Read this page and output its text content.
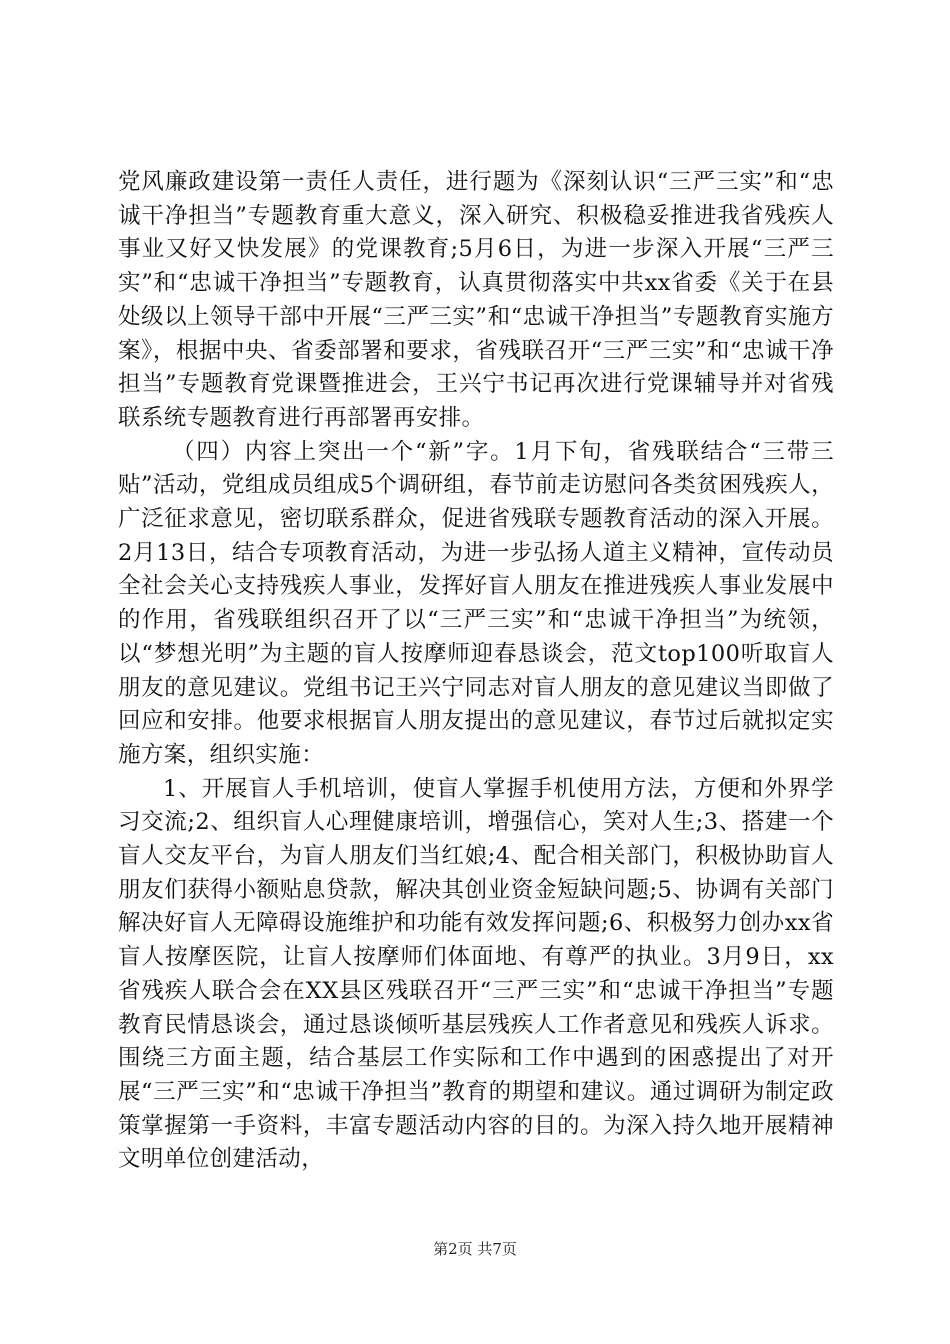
党风廉政建设第一责任人责任，进行题为《深刻认识“三严三实”和“忠诚干净担当”专题教育重大意义，深入研究、积极稳妥推进我省残疾人事业又好又快发展》的党课教育;5月6日，为进一步深入开展“三严三实”和“忠诚干净担当”专题教育，认真贯彻落实中共xx省委《关于在县处级以上领导干部中开展“三严三实”和“忠诚干净担当”专题教育实施方案》，根据中央、省委部署和要求，省残联召开“三严三实”和“忠诚干净担当”专题教育党课暨推进会，王兴宁书记再次进行党课辅导并对省残联系统专题教育进行再部署再安排。

（四）内容上突出一个“新”字。1月下旬，省残联结合“三带三贴”活动，党组成员组成5个调研组，春节前走访慰问各类贫困残疾人，广泛征求意见，密切联系群众，促进省残联专题教育活动的深入开展。2月13日，结合专项教育活动，为进一步弘扬人道主义精神，宣传动员全社会关心支持残疾人事业，发挥好盲人朋友在推进残疾人事业发展中的作用，省残联组织召开了以“三严三实”和“忠诚干净担当”为统领，以“梦想光明”为主题的盲人按摩师迎春恳谈会，范文top100听取盲人朋友的意见建议。党组书记王兴宁同志对盲人朋友的意见建议当即做了回应和安排。他要求根据盲人朋友提出的意见建议，春节过后就拟定实施方案，组织实施：

1、开展盲人手机培训，使盲人掌握手机使用方法，方便和外界学习交流;2、组织盲人心理健康培训，增强信心，笑对人生;3、搭建一个盲人交友平台，为盲人朋友们当红娘;4、配合相关部门，积极协助盲人朋友们获得小额贴息贷款，解决其创业资金短缺问题;5、协调有关部门解决好盲人无障碍设施维护和功能有效发挥问题;6、积极努力创办xx省盲人按摩医院，让盲人按摩师们体面地、有尊严的执业。3月9日，xx省残疾人联合会在XX县区残联召开“三严三实”和“忠诚干净担当”专题教育民情恳谈会，通过恳谈倾听基层残疾人工作者意见和残疾人诉求。围绕三方面主题，结合基层工作实际和工作中遇到的困惑提出了对开展“三严三实”和“忠诚干净担当”教育的期望和建议。通过调研为制定政策掌握第一手资料，丰富专题活动内容的目的。为深入持久地开展精神文明单位创建活动，

第2页 共7页
